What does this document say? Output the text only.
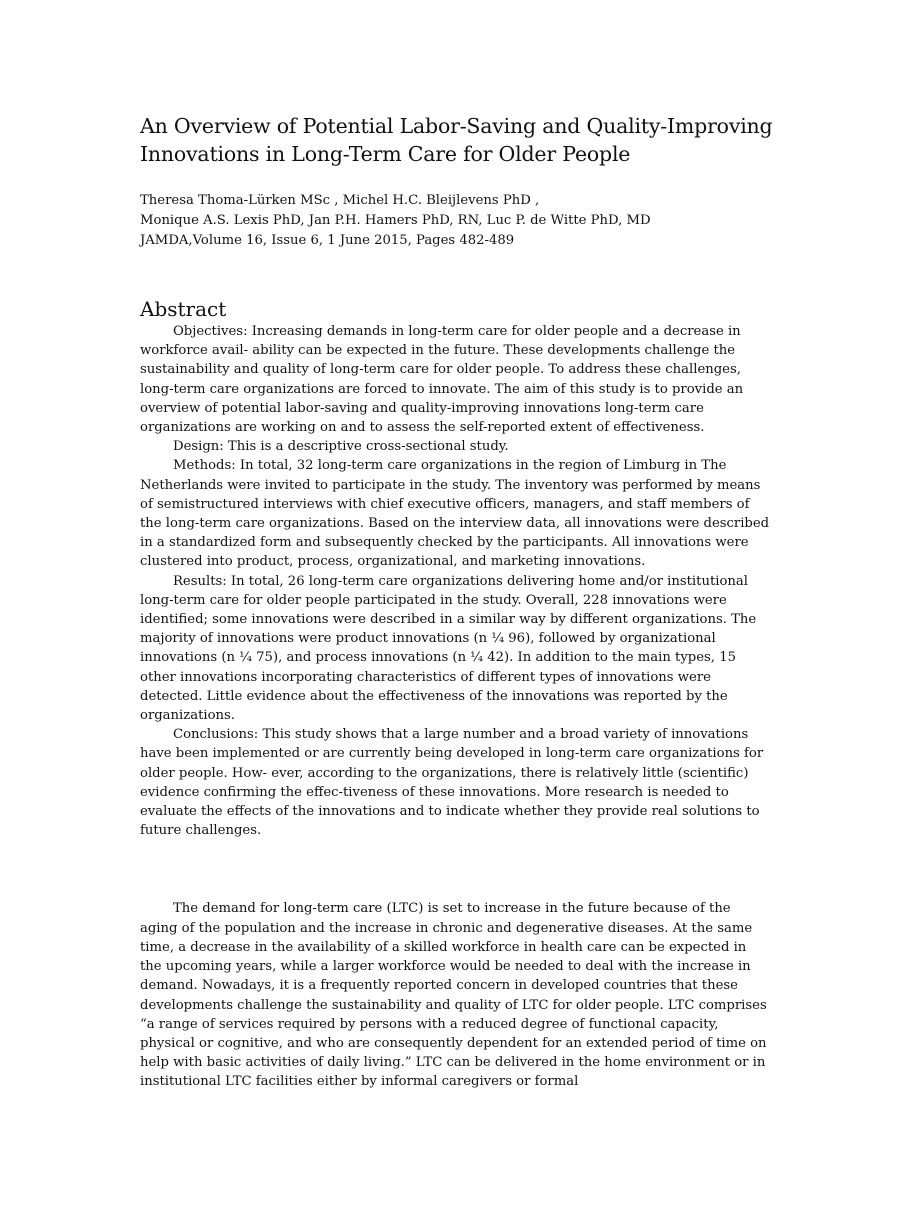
An Overview of Potential Labor-Saving and Quality-Improving
Innovations in Long-Term Care for Older People
Theresa Thoma-Lürken MSc , Michel H.C. Bleijlevens PhD ,
Monique A.S. Lexis PhD, Jan P.H. Hamers PhD, RN, Luc P. de Witte PhD, MD
JAMDA,Volume 16, Issue 6, 1 June 2015, Pages 482-489
Abstract

Objectives: Increasing demands in long-term care for older people and a decrease in workforce avail- ability can be expected in the future. These developments challenge the sustainability and quality of long-term care for older people. To address these challenges, long-term care organizations are forced to innovate. The aim of this study is to provide an overview of potential labor-saving and quality-improving innovations long-term care organizations are working on and to assess the self-reported extent of effectiveness.

Design: This is a descriptive cross-sectional study.

Methods: In total, 32 long-term care organizations in the region of Limburg in The Netherlands were invited to participate in the study. The inventory was performed by means of semistructured interviews with chief executive officers, managers, and staff members of the long-term care organizations. Based on the interview data, all innovations were described in a standardized form and subsequently checked by the participants. All innovations were clustered into product, process, organizational, and marketing innovations.

Results: In total, 26 long-term care organizations delivering home and/or institutional long-term care for older people participated in the study. Overall, 228 innovations were identified; some innovations were described in a similar way by different organizations. The majority of innovations were product innovations (n ¼ 96), followed by organizational innovations (n ¼ 75), and process innovations (n ¼ 42). In addition to the main types, 15 other innovations incorporating characteristics of different types of innovations were detected. Little evidence about the effectiveness of the innovations was reported by the organizations.

Conclusions: This study shows that a large number and a broad variety of innovations have been implemented or are currently being developed in long-term care organizations for older people. How- ever, according to the organizations, there is relatively little (scientific) evidence confirming the effec-tiveness of these innovations. More research is needed to evaluate the effects of the innovations and to indicate whether they provide real solutions to future challenges.

The demand for long-term care (LTC) is set to increase in the future because of the aging of the population and the increase in chronic and degenerative diseases. At the same time, a decrease in the availability of a skilled workforce in health care can be expected in the upcoming years, while a larger workforce would be needed to deal with the increase in demand. Nowadays, it is a frequently reported concern in developed countries that these developments challenge the sustainability and quality of LTC for older people. LTC comprises “a range of services required by persons with a reduced degree of functional capacity, physical or cognitive, and who are consequently dependent for an extended period of time on help with basic activities of daily living.” LTC can be delivered in the home environment or in institutional LTC facilities either by informal caregivers or formal
